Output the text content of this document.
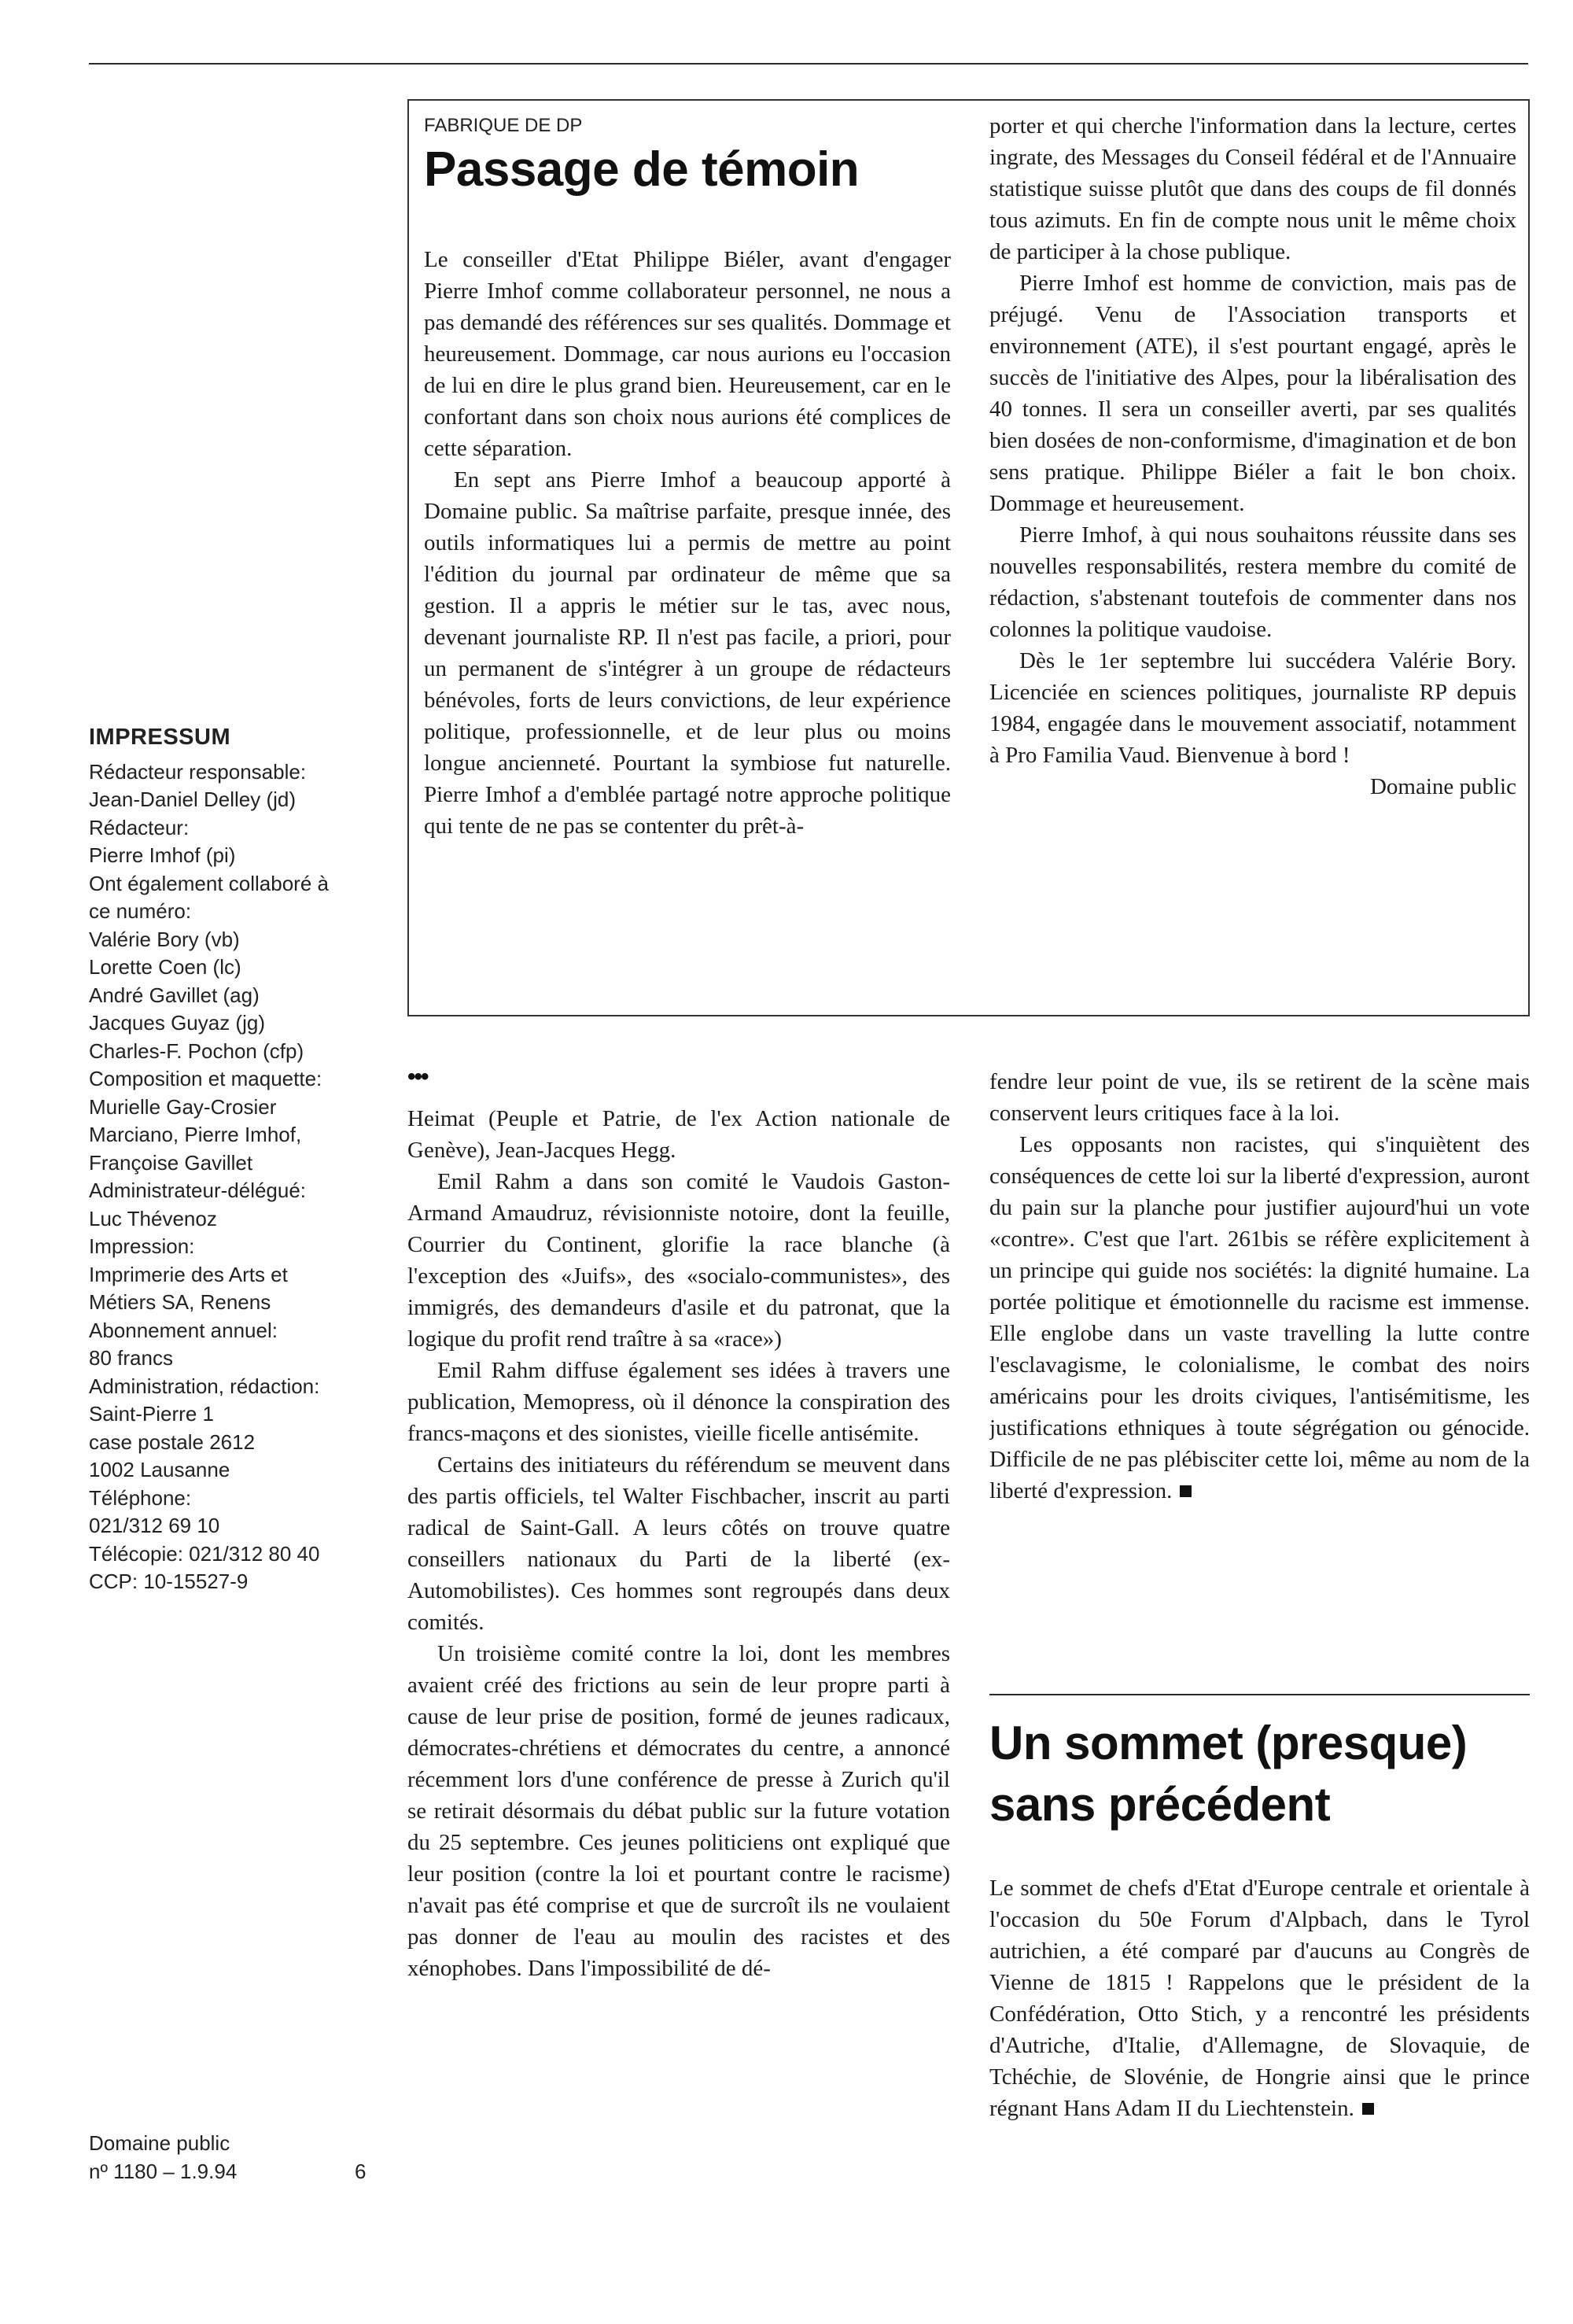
IMPRESSUM
Rédacteur responsable:
Jean-Daniel Delley (jd)
Rédacteur:
Pierre Imhof (pi)
Ont également collaboré à
ce numéro:
Valérie Bory (vb)
Lorette Coen (lc)
André Gavillet (ag)
Jacques Guyaz (jg)
Charles-F. Pochon (cfp)
Composition et maquette:
Murielle Gay-Crosier
Marciano, Pierre Imhof,
Françoise Gavillet
Administrateur-délégué:
Luc Thévenoz
Impression:
Imprimerie des Arts et
Métiers SA, Renens
Abonnement annuel:
80 francs
Administration, rédaction:
Saint-Pierre 1
case postale 2612
1002 Lausanne
Téléphone:
021/312 69 10
Télécopie: 021/312 80 40
CCP: 10-15527-9
Domaine public
nº 1180 – 1.9.94	6
FABRIQUE DE DP
Passage de témoin

Le conseiller d'Etat Philippe Biéler, avant d'engager Pierre Imhof comme collaborateur personnel, ne nous a pas demandé des références sur ses qualités. Dommage et heureusement. Dommage, car nous aurions eu l'occasion de lui en dire le plus grand bien. Heureusement, car en le confortant dans son choix nous aurions été complices de cette séparation.

En sept ans Pierre Imhof a beaucoup apporté à Domaine public. Sa maîtrise parfaite, presque innée, des outils informatiques lui a permis de mettre au point l'édition du journal par ordinateur de même que sa gestion. Il a appris le métier sur le tas, avec nous, devenant journaliste RP. Il n'est pas facile, a priori, pour un permanent de s'intégrer à un groupe de rédacteurs bénévoles, forts de leurs convictions, de leur expérience politique, professionnelle, et de leur plus ou moins longue ancienneté. Pourtant la symbiose fut naturelle. Pierre Imhof a d'emblée partagé notre approche politique qui tente de ne pas se contenter du prêt-à-

porter et qui cherche l'information dans la lecture, certes ingrate, des Messages du Conseil fédéral et de l'Annuaire statistique suisse plutôt que dans des coups de fil donnés tous azimuts. En fin de compte nous unit le même choix de participer à la chose publique.

Pierre Imhof est homme de conviction, mais pas de préjugé. Venu de l'Association transports et environnement (ATE), il s'est pourtant engagé, après le succès de l'initiative des Alpes, pour la libéralisation des 40 tonnes. Il sera un conseiller averti, par ses qualités bien dosées de non-conformisme, d'imagination et de bon sens pratique. Philippe Biéler a fait le bon choix. Dommage et heureusement.

Pierre Imhof, à qui nous souhaitons réussite dans ses nouvelles responsabilités, restera membre du comité de rédaction, s'abstenant toutefois de commenter dans nos colonnes la politique vaudoise.

Dès le 1er septembre lui succédera Valérie Bory. Licenciée en sciences politiques, journaliste RP depuis 1984, engagée dans le mouvement associatif, notamment à Pro Familia Vaud. Bienvenue à bord !

Domaine public

•••

Heimat (Peuple et Patrie, de l'ex Action nationale de Genève), Jean-Jacques Hegg.

Emil Rahm a dans son comité le Vaudois Gaston-Armand Amaudruz, révisionniste notoire, dont la feuille, Courrier du Continent, glorifie la race blanche (à l'exception des «Juifs», des «socialo-communistes», des immigrés, des demandeurs d'asile et du patronat, que la logique du profit rend traître à sa «race»)

Emil Rahm diffuse également ses idées à travers une publication, Memopress, où il dénonce la conspiration des francs-maçons et des sionistes, vieille ficelle antisémite.

Certains des initiateurs du référendum se meuvent dans des partis officiels, tel Walter Fischbacher, inscrit au parti radical de Saint-Gall. A leurs côtés on trouve quatre conseillers nationaux du Parti de la liberté (ex-Automobilistes). Ces hommes sont regroupés dans deux comités.

Un troisième comité contre la loi, dont les membres avaient créé des frictions au sein de leur propre parti à cause de leur prise de position, formé de jeunes radicaux, démocrates-chrétiens et démocrates du centre, a annoncé récemment lors d'une conférence de presse à Zurich qu'il se retirait désormais du débat public sur la future votation du 25 septembre. Ces jeunes politiciens ont expliqué que leur position (contre la loi et pourtant contre le racisme) n'avait pas été comprise et que de surcroît ils ne voulaient pas donner de l'eau au moulin des racistes et des xénophobes. Dans l'impossibilité de dé-

fendre leur point de vue, ils se retirent de la scène mais conservent leurs critiques face à la loi.

Les opposants non racistes, qui s'inquiètent des conséquences de cette loi sur la liberté d'expression, auront du pain sur la planche pour justifier aujourd'hui un vote «contre». C'est que l'art. 261bis se réfère explicitement à un principe qui guide nos sociétés: la dignité humaine. La portée politique et émotionnelle du racisme est immense. Elle englobe dans un vaste travelling la lutte contre l'esclavagisme, le colonialisme, le combat des noirs américains pour les droits civiques, l'antisémitisme, les justifications ethniques à toute ségrégation ou génocide. Difficile de ne pas plébisciter cette loi, même au nom de la liberté d'expression.

Un sommet (presque) sans précédent

Le sommet de chefs d'Etat d'Europe centrale et orientale à l'occasion du 50e Forum d'Alpbach, dans le Tyrol autrichien, a été comparé par d'aucuns au Congrès de Vienne de 1815 ! Rappelons que le président de la Confédération, Otto Stich, y a rencontré les présidents d'Autriche, d'Italie, d'Allemagne, de Slovaquie, de Tchéchie, de Slovénie, de Hongrie ainsi que le prince régnant Hans Adam II du Liechtenstein.
